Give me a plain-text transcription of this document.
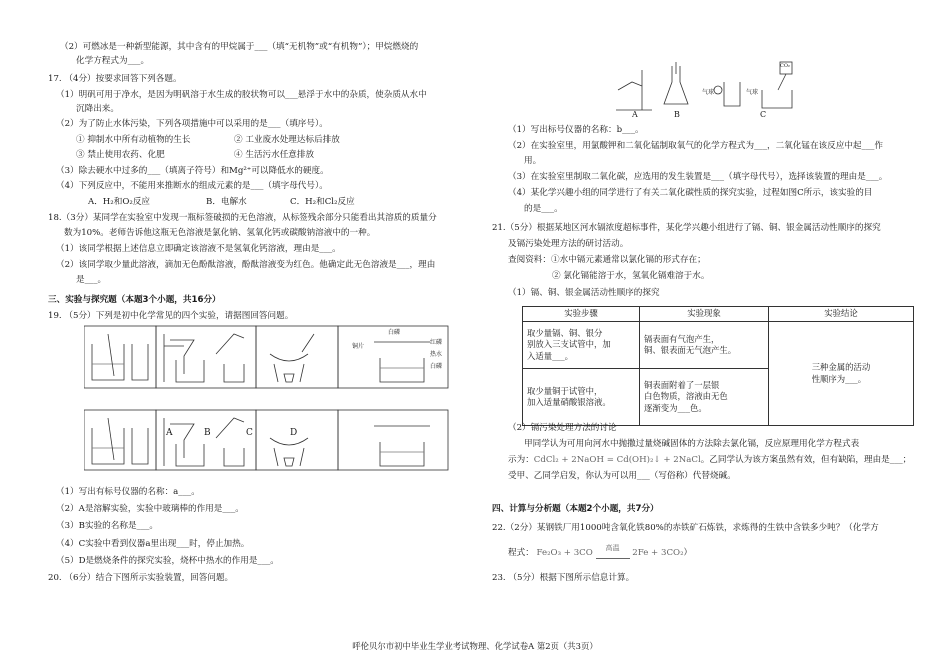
（2）可燃冰是一种新型能源，其中含有的甲烷属于___（填“无机物”或“有机物”）；甲烷燃烧的
化学方程式为___。
17. （4分）按要求回答下列各题。
（1）明矾可用于净水，是因为明矾溶于水生成的胶状物可以___悬浮于水中的杂质，使杂质从水中
沉降出来。
（2）为了防止水体污染，下列各项措施中可以采用的是___（填序号）。
① 抑制水中所有动植物的生长	② 工业废水处理达标后排放
③ 禁止使用农药、化肥	④ 生活污水任意排放
（3）除去硬水中过多的___（填离子符号）和Mg²⁺可以降低水的硬度。
（4）下列反应中，不能用来推断水的组成元素的是___（填字母代号）。
A．H₂和O₂反应	B．电解水	C．H₂和Cl₂反应
18.（3分）某同学在实验室中发现一瓶标签破损的无色溶液，从标签残余部分只能看出其溶质的质量分
数为10%。老师告诉他这瓶无色溶液是氯化钠、氢氧化钙或碳酸钠溶液中的一种。
（1）该同学根据上述信息立即确定该溶液不是氢氧化钙溶液，理由是___。
（2）该同学取少量此溶液，滴加无色酚酞溶液，酚酞溶液变为红色。他确定此无色溶液是___，理由
是___。
三、实验与探究题（本题3个小题，共16分）
19. （5分）下列是初中化学常见的四个实验，请据图回答问题。
A	B	C	D
白磷
铜片
红磷
热水
白磷
（1）写出有标号仪器的名称：a___。
（2）A是溶解实验，实验中玻璃棒的作用是___。
（3）B实验的名称是___。
（4）C实验中看到仪器a里出现___时，停止加热。
（5）D是燃烧条件的探究实验，烧杯中热水的作用是___。
20. （6分）结合下图所示实验装置，回答问题。
A	B	C
气球	气球
CO₂
（1）写出标号仪器的名称：b___。
（2）在实验室里，用氯酸钾和二氧化锰制取氧气的化学方程式为___，二氧化锰在该反应中起___作
用。
（3）在实验室里制取二氧化碳，应选用的发生装置是___（填字母代号），选择该装置的理由是___。
（4）某化学兴趣小组的同学进行了有关二氧化碳性质的探究实验，过程如图C所示，该实验的目
的是___。
21.（5分）根据某地区河水镉浓度超标事件，某化学兴趣小组进行了镉、铜、银金属活动性顺序的探究
及镉污染处理方法的研讨活动。
查阅资料：①水中镉元素通常以氯化镉的形式存在；
② 氯化镉能溶于水，氢氧化镉难溶于水。
（1）镉、铜、银金属活动性顺序的探究
实验步骤	实验现象	实验结论

取少量镉、铜、银分
别放入三支试管中，加
入适量___。	镉表面有气泡产生，
铜、银表面无气泡产生。	三种金属的活动
性顺序为___。

取少量铜于试管中，
加入适量硝酸银溶液。	铜表面附着了一层银
白色物质，溶液由无色
逐渐变为___色。	
（2）镉污染处理方法的讨论
甲同学认为可用向河水中抛撒过量烧碱固体的方法除去氯化镉，反应原理用化学方程式表
示为：CdCl₂ + 2NaOH = Cd(OH)₂↓ + 2NaCl。乙同学认为该方案虽然有效，但有缺陷，理由是___；
受甲、乙同学启发，你认为可以用___（写俗称）代替烧碱。
四、计算与分析题（本题2个小题，共7分）
22.（2分）某钢铁厂用1000吨含氧化铁80%的赤铁矿石炼铁，求炼得的生铁中含铁多少吨？（化学方
程式： Fe₂O₃ + 3CO
高温
2Fe + 3CO₂）
23. （5分）根据下图所示信息计算。
呼伦贝尔市初中毕业生学业考试物理、化学试卷A 第2页（共3页）
